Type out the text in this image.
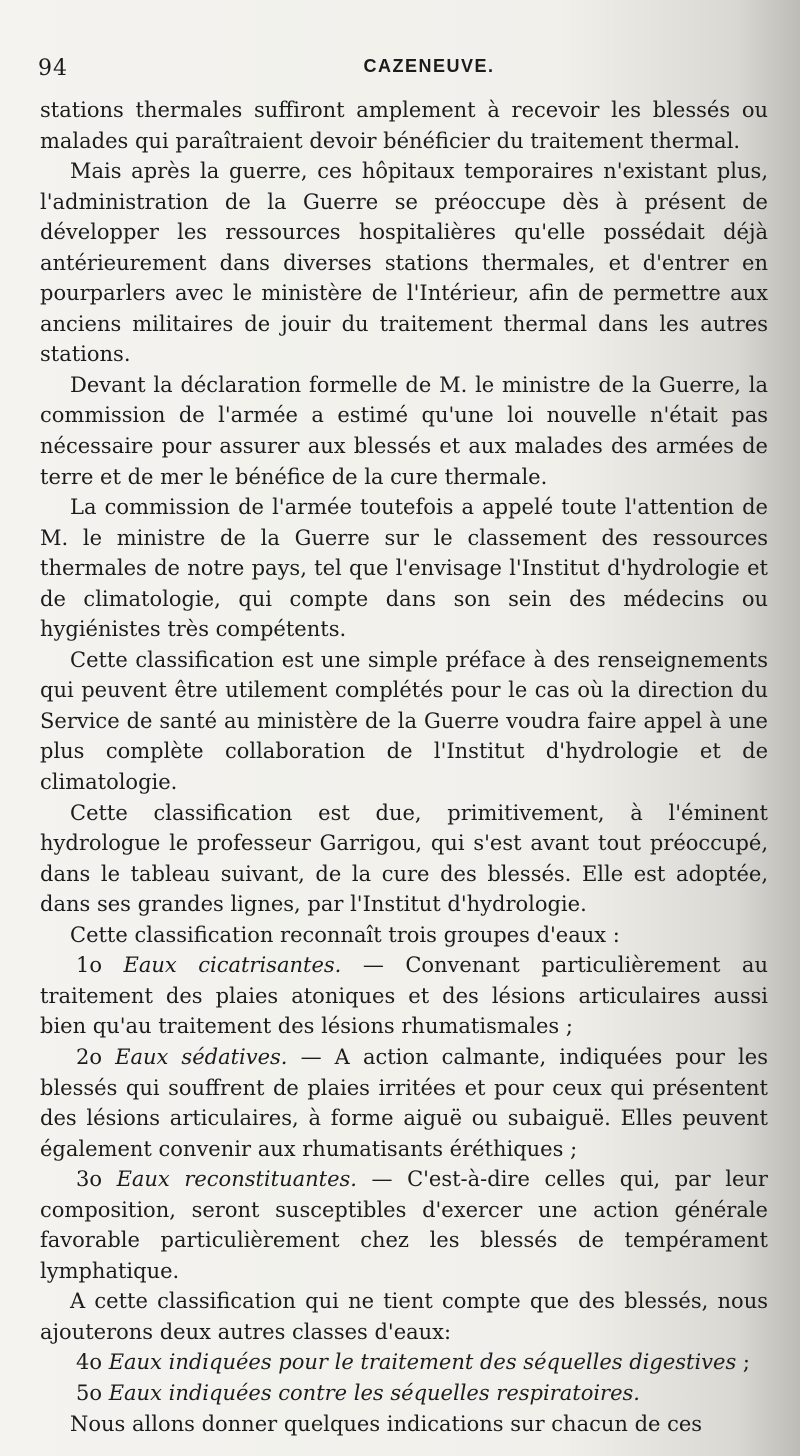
94	CAZENEUVE.

stations thermales suffiront amplement à recevoir les blessés ou malades qui paraîtraient devoir bénéficier du traitement thermal.

Mais après la guerre, ces hôpitaux temporaires n'existant plus, l'administration de la Guerre se préoccupe dès à présent de développer les ressources hospitalières qu'elle possédait déjà antérieurement dans diverses stations thermales, et d'entrer en pourparlers avec le ministère de l'Intérieur, afin de permettre aux anciens militaires de jouir du traitement thermal dans les autres stations.

Devant la déclaration formelle de M. le ministre de la Guerre, la commission de l'armée a estimé qu'une loi nouvelle n'était pas nécessaire pour assurer aux blessés et aux malades des armées de terre et de mer le bénéfice de la cure thermale.

La commission de l'armée toutefois a appelé toute l'attention de M. le ministre de la Guerre sur le classement des ressources thermales de notre pays, tel que l'envisage l'Institut d'hydrologie et de climatologie, qui compte dans son sein des médecins ou hygiénistes très compétents.

Cette classification est une simple préface à des renseignements qui peuvent être utilement complétés pour le cas où la direction du Service de santé au ministère de la Guerre voudra faire appel à une plus complète collaboration de l'Institut d'hydrologie et de climatologie.

Cette classification est due, primitivement, à l'éminent hydrologue le professeur Garrigou, qui s'est avant tout préoccupé, dans le tableau suivant, de la cure des blessés. Elle est adoptée, dans ses grandes lignes, par l'Institut d'hydrologie.

Cette classification reconnaît trois groupes d'eaux :

1o Eaux cicatrisantes. — Convenant particulièrement au traitement des plaies atoniques et des lésions articulaires aussi bien qu'au traitement des lésions rhumatismales ;

2o Eaux sédatives. — A action calmante, indiquées pour les blessés qui souffrent de plaies irritées et pour ceux qui présentent des lésions articulaires, à forme aiguë ou subaiguë. Elles peuvent également convenir aux rhumatisants éréthiques ;

3o Eaux reconstituantes. — C'est-à-dire celles qui, par leur composition, seront susceptibles d'exercer une action générale favorable particulièrement chez les blessés de tempérament lymphatique.

A cette classification qui ne tient compte que des blessés, nous ajouterons deux autres classes d'eaux:

4o Eaux indiquées pour le traitement des séquelles digestives ;

5o Eaux indiquées contre les séquelles respiratoires.

Nous allons donner quelques indications sur chacun de ces
